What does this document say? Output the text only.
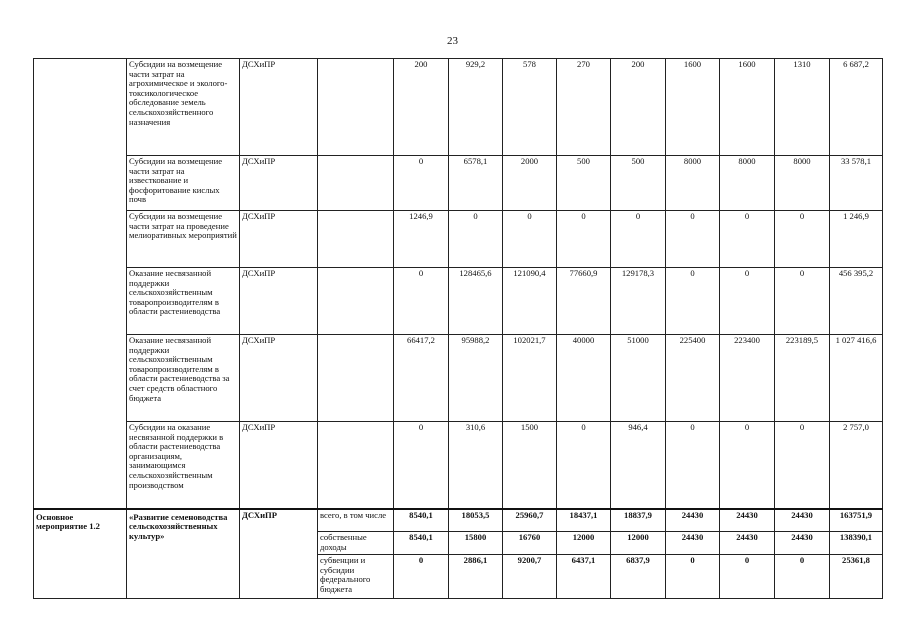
23
	Субсидии на возмещение части затрат на агрохимическое и эколого-токсикологическое обследование земель сельскохозяйственного назначения	ДСХиПР		200	929,2	578	270	200	1600	1600	1310	6 687,2
	Субсидии на возмещение части затрат на известкование и фосфоритование кислых почв	ДСХиПР		0	6578,1	2000	500	500	8000	8000	8000	33 578,1
	Субсидии на возмещение части затрат на проведение мелиоративных мероприятий	ДСХиПР		1246,9	0	0	0	0	0	0	0	1 246,9
	Оказание несвязанной поддержки сельскохозяйственным товаропроизводителям в области растениеводства	ДСХиПР		0	128465,6	121090,4	77660,9	129178,3	0	0	0	456 395,2
	Оказание несвязанной поддержки сельскохозяйственным товаропроизводителям в области растениеводства за счет средств областного бюджета	ДСХиПР		66417,2	95988,2	102021,7	40000	51000	225400	223400	223189,5	1 027 416,6
	Субсидии на оказание несвязанной поддержки в области растениеводства организациям, занимающимся сельскохозяйственным производством	ДСХиПР		0	310,6	1500	0	946,4	0	0	0	2 757,0
Основное мероприятие 1.2	«Развитие семеноводства сельскохозяйственных культур»	ДСХиПР	всего, в том числе	8540,1	18053,5	25960,7	18437,1	18837,9	24430	24430	24430	163751,9
			собственные доходы	8540,1	15800	16760	12000	12000	24430	24430	24430	138390,1
			субвенции и субсидии федерального бюджета	0	2886,1	9200,7	6437,1	6837,9	0	0	0	25361,8
